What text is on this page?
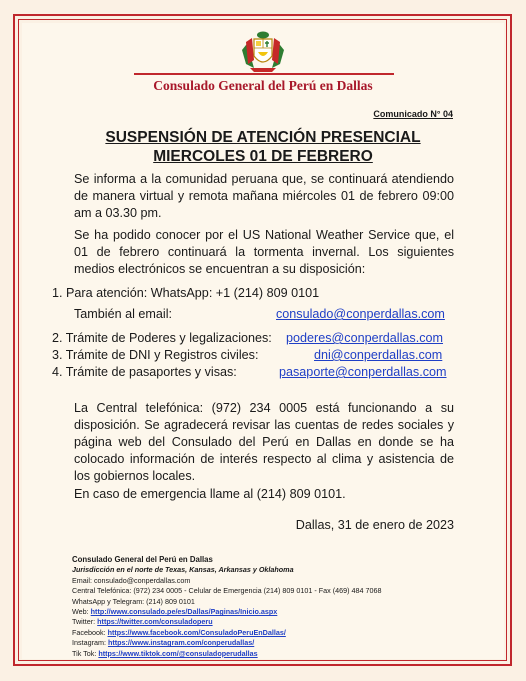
Consulado General del Perú en Dallas
Comunicado N° 04
SUSPENSIÓN DE ATENCIÓN PRESENCIAL
MIERCOLES 01 DE FEBRERO
Se informa a la comunidad peruana que, se continuará atendiendo de manera virtual y remota mañana miércoles 01 de febrero 09:00 am a 03.30 pm.
Se ha podido conocer por el US National Weather Service que, el 01 de febrero continuará la tormenta invernal. Los siguientes medios electrónicos se encuentran a su disposición:
1. Para atención: WhatsApp: +1 (214) 809 0101
También al email:	consulado@conperdallas.com
2. Trámite de Poderes y legalizaciones: poderes@conperdallas.com
3. Trámite de DNI y Registros civiles:	dni@conperdallas.com
4. Trámite de pasaportes y visas:	pasaporte@conperdallas.com
La Central telefónica: (972) 234 0005 está funcionando a su disposición. Se agradecerá revisar las cuentas de redes sociales y página web del Consulado del Perú en Dallas en donde se ha colocado información de interés respecto al clima y asistencia de los gobiernos locales.
En caso de emergencia llame al (214) 809 0101.
Dallas, 31 de enero de 2023
Consulado General del Perú en Dallas
Jurisdicción en el norte de Texas, Kansas, Arkansas y Oklahoma
Email: consulado@conperdallas.com
Central Telefónica: (972) 234 0005 - Celular de Emergencia (214) 809 0101 - Fax (469) 484 7068
WhatsApp y Telegram: (214) 809 0101
Web: http://www.consulado.pe/es/Dallas/Paginas/Inicio.aspx
Twitter: https://twitter.com/consuladoperu
Facebook: https://www.facebook.com/ConsuladoPeruEnDallas/
Instagram: https://www.instagram.com/conperudallas/
Tik Tok: https://www.tiktok.com/@consuladoperudallas
